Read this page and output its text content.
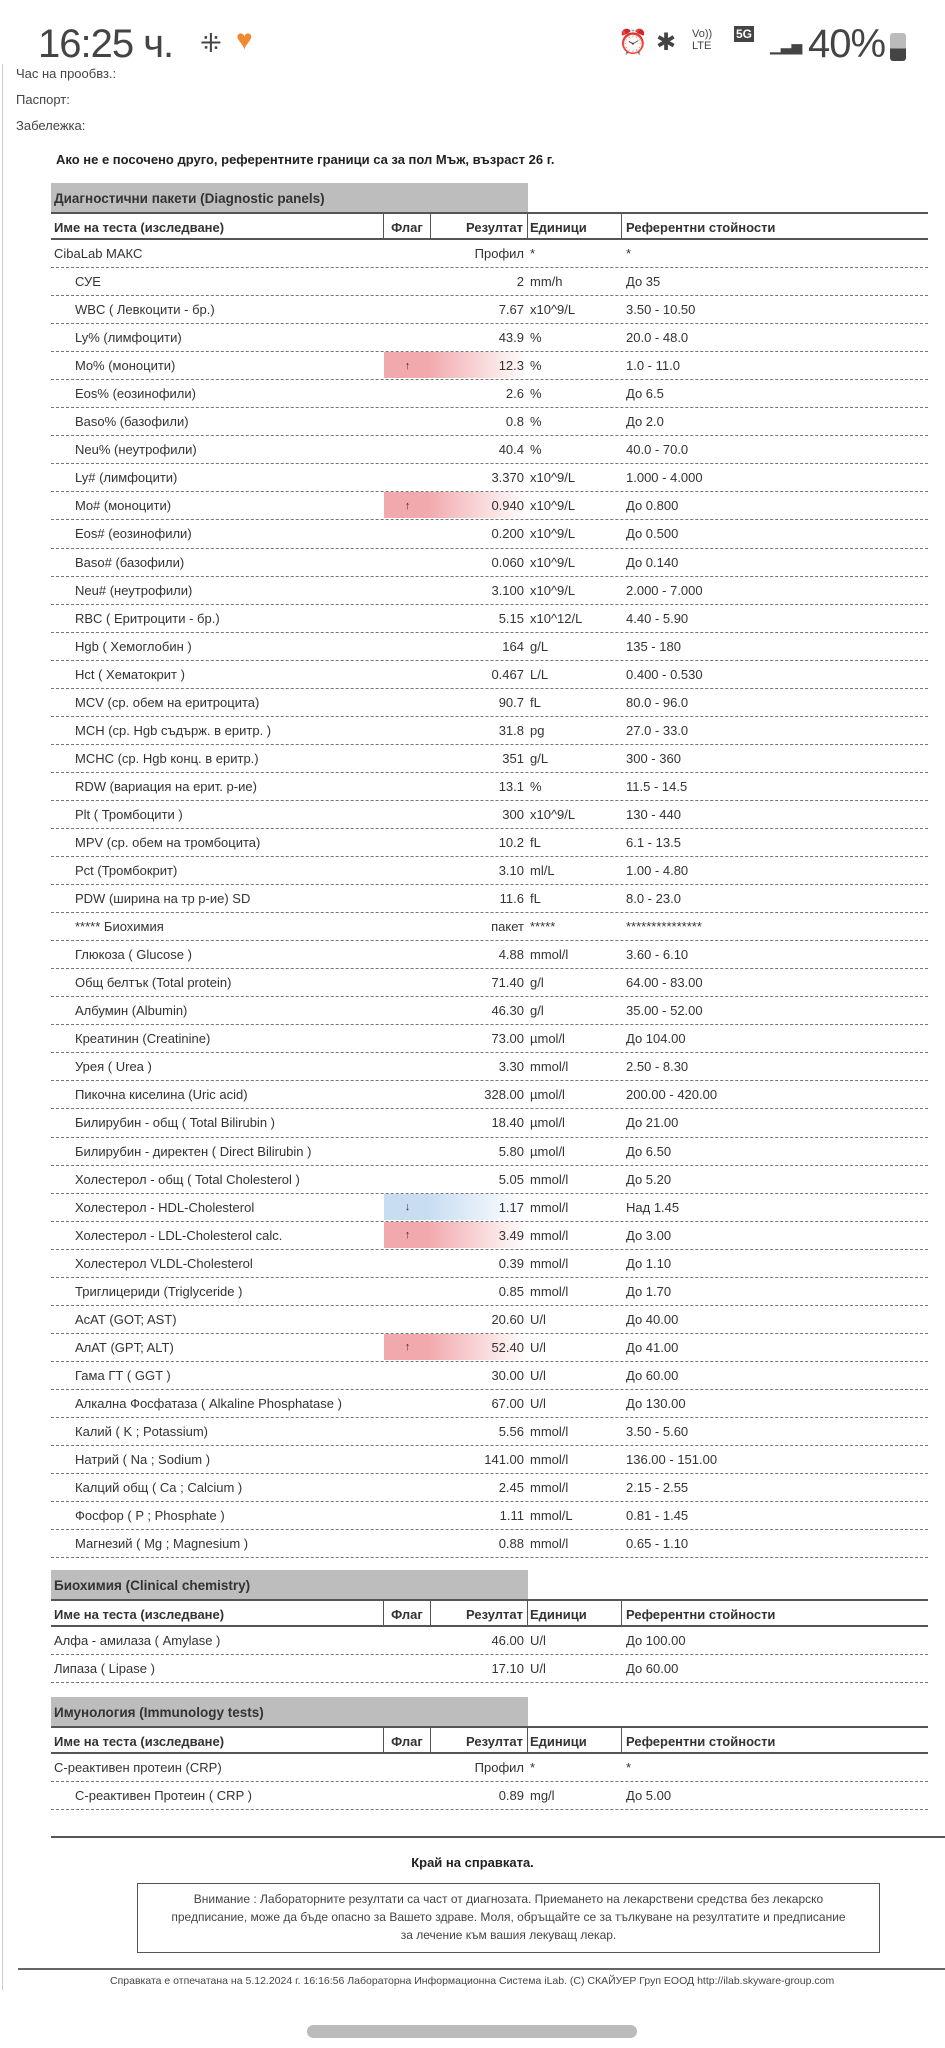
16:25 ч. ⁜ ♥	⏰ ✱ Vo)) LTE
5G
▁▃▅ 40%
Час на прообвз.:
Паспорт:
Забележка:
Ако не е посочено друго, референтните граници са за пол Мъж, възраст 26 г.
Диагностични пакети (Diagnostic panels)
Име на теста (изследване)	Флаг	Резултат Единици	Референтни стойности
CibaLab МАКС	Профил *	*
СУЕ	2 mm/h	До 35
WBC ( Левкоцити - бр.)	7.67 x10^9/L	3.50 - 10.50
Ly% (лимфоцити)	43.9 %	20.0 - 48.0
Mo% (моноцити)	↑	12.3 %	1.0 - 11.0
Eos% (еозинофили)	2.6 %	До 6.5
Baso% (базофили)	0.8 %	До 2.0
Neu% (неутрофили)	40.4 %	40.0 - 70.0
Ly# (лимфоцити)	3.370 x10^9/L	1.000 - 4.000
Mo# (моноцити)	↑	0.940 x10^9/L	До 0.800
Eos# (еозинофили)	0.200 x10^9/L	До 0.500
Baso# (базофили)	0.060 x10^9/L	До 0.140
Neu# (неутрофили)	3.100 x10^9/L	2.000 - 7.000
RBC ( Еритроцити - бр.)	5.15 x10^12/L	4.40 - 5.90
Hgb ( Хемоглобин )	164 g/L	135 - 180
Hct ( Хематокрит )	0.467 L/L	0.400 - 0.530
MCV (ср. обем на еритроцита)	90.7 fL	80.0 - 96.0
MCH (ср. Hgb съдърж. в еритр. )	31.8 pg	27.0 - 33.0
MCHC (ср. Hgb конц. в еритр.)	351 g/L	300 - 360
RDW (вариация на ерит. р-ие)	13.1 %	11.5 - 14.5
Plt ( Тромбоцити )	300 x10^9/L	130 - 440
MPV (ср. обем на тромбоцита)	10.2 fL	6.1 - 13.5
Pct (Тромбокрит)	3.10 ml/L	1.00 - 4.80
PDW (ширина на тр р-ие) SD	11.6 fL	8.0 - 23.0
***** Биохимия	пакет *****	***************
Глюкоза ( Glucose )	4.88 mmol/l	3.60 - 6.10
Общ белтък (Total protein)	71.40 g/l	64.00 - 83.00
Албумин (Albumin)	46.30 g/l	35.00 - 52.00
Креатинин (Creatinine)	73.00 µmol/l	До 104.00
Урея ( Urea )	3.30 mmol/l	2.50 - 8.30
Пикочна киселина (Uric acid)	328.00 µmol/l	200.00 - 420.00
Билирубин - общ ( Total Bilirubin )	18.40 µmol/l	До 21.00
Билирубин - директен ( Direct Bilirubin )	5.80 µmol/l	До 6.50
Холестерол - общ ( Total Cholesterol )	5.05 mmol/l	До 5.20
Холестерол - HDL-Cholesterol	↓	1.17 mmol/l	Над 1.45
Холестерол - LDL-Cholesterol calc.	↑	3.49 mmol/l	До 3.00
Холестерол VLDL-Cholesterol	0.39 mmol/l	До 1.10
Триглицериди (Triglyceride )	0.85 mmol/l	До 1.70
АсАТ (GOT; AST)	20.60 U/l	До 40.00
АлАТ (GPT; ALT)	↑	52.40 U/l	До 41.00
Гама ГТ ( GGT )	30.00 U/l	До 60.00
Алкална Фосфатаза ( Alkaline Phosphatase )	67.00 U/l	До 130.00
Калий ( K ; Potassium)	5.56 mmol/l	3.50 - 5.60
Натрий ( Na ; Sodium )	141.00 mmol/l	136.00 - 151.00
Калций общ ( Ca ; Calcium )	2.45 mmol/l	2.15 - 2.55
Фосфор ( P ; Phosphate )	1.11 mmol/L	0.81 - 1.45
Магнезий ( Mg ; Magnesium )	0.88 mmol/l	0.65 - 1.10
Биохимия (Clinical chemistry)
Име на теста (изследване)	Флаг	Резултат Единици	Референтни стойности
Алфа - амилаза ( Amylase )	46.00 U/l	До 100.00
Липаза ( Lipase )	17.10 U/l	До 60.00
Имунология (Immunology tests)
Име на теста (изследване)	Флаг	Резултат Единици	Референтни стойности
C-реактивен протеин (CRP)	Профил *	*
C-реактивен Протеин ( CRP )	0.89 mg/l	До 5.00
Край на справката.
Внимание : Лабораторните резултати са част от диагнозата. Приемането на лекарствени средства без лекарско предписание, може да бъде опасно за Вашето здраве. Моля, обръщайте се за тълкуване на резултатите и предписание за лечение към вашия лекуващ лекар.
Справката е отпечатана на 5.12.2024 г. 16:16:56 Лабораторна Информационна Система iLab. (C) СКАЙУЕР Груп ЕООД http://ilab.skyware-group.com
